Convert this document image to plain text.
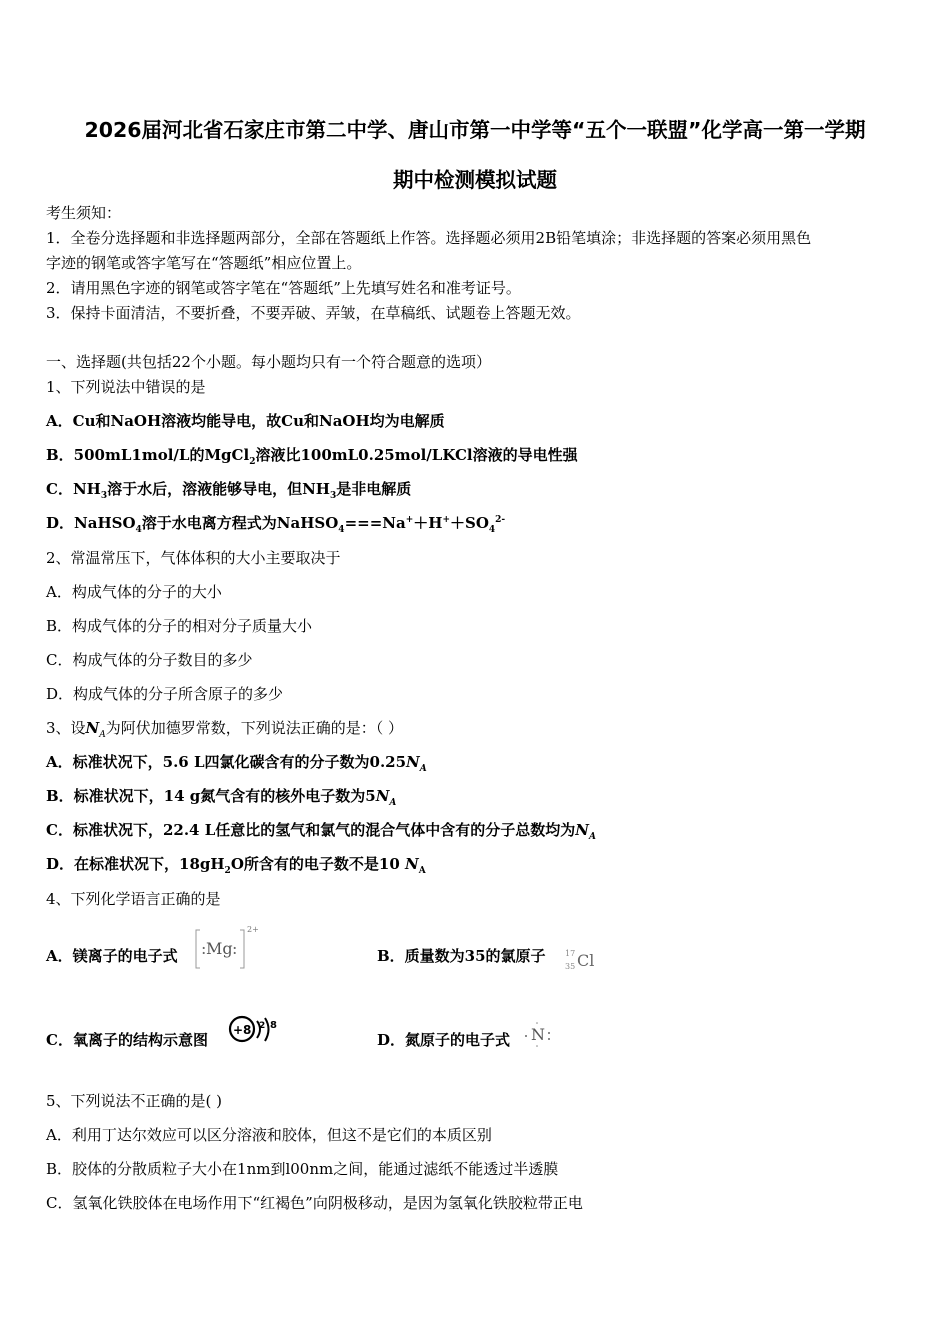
2026届河北省石家庄市第二中学、唐山市第一中学等“五个一联盟”化学高一第一学期
期中检测模拟试题
考生须知：
1．全卷分选择题和非选择题两部分，全部在答题纸上作答。选择题必须用2B铅笔填涂；非选择题的答案必须用黑色
字迹的钢笔或答字笔写在“答题纸”相应位置上。
2．请用黑色字迹的钢笔或答字笔在“答题纸”上先填写姓名和准考证号。
3．保持卡面清洁，不要折叠，不要弄破、弄皱，在草稿纸、试题卷上答题无效。
一、选择题(共包括22个小题。每小题均只有一个符合题意的选项）
1、下列说法中错误的是
A．Cu和NaOH溶液均能导电，故Cu和NaOH均为电解质
B．500mL1mol/L的MgCl$_2$溶液比100mL0.25mol/LKCl溶液的导电性强
C．$NH_3$溶于水后，溶液能够导电，但$NH_3$是非电解质
D．NaHSO$_4$溶于水电离方程式为$NaHSO_4===Na^++H^++SO_4^{2-}$
2、常温常压下，气体体积的大小主要取决于
A．构成气体的分子的大小
B．构成气体的分子的相对分子质量大小
C．构成气体的分子数目的多少
D．构成气体的分子所含原子的多少
3、设$N_A$为阿伏加德罗常数，下列说法正确的是：（ ）
A．标准状况下，5.6 L四氯化碳含有的分子数为$0.25N_A$
B．标准状况下，14 g氮气含有的核外电子数为$5N_A$
C．标准状况下，22.4 L任意比的氢气和氯气的混合气体中含有的分子总数均为$N_A$
D．在标准状况下，$18gH_2O$所含有的电子数不是10 $N_A$
4、下列化学语言正确的是
A．镁离子的电子式 : Mg :
2+
B．质量数为35的氯原子 17
35 Cl
C．氧离子的结构示意图
+8 2 8
D．氮原子的电子式 N
5、下列说法不正确的是( )
A．利用丁达尔效应可以区分溶液和胶体，但这不是它们的本质区别
B．胶体的分散质粒子大小在1nm到l00nm之间，能通过滤纸不能透过半透膜
C．氢氧化铁胶体在电场作用下“红褐色”向阴极移动，是因为氢氧化铁胶粒带正电
